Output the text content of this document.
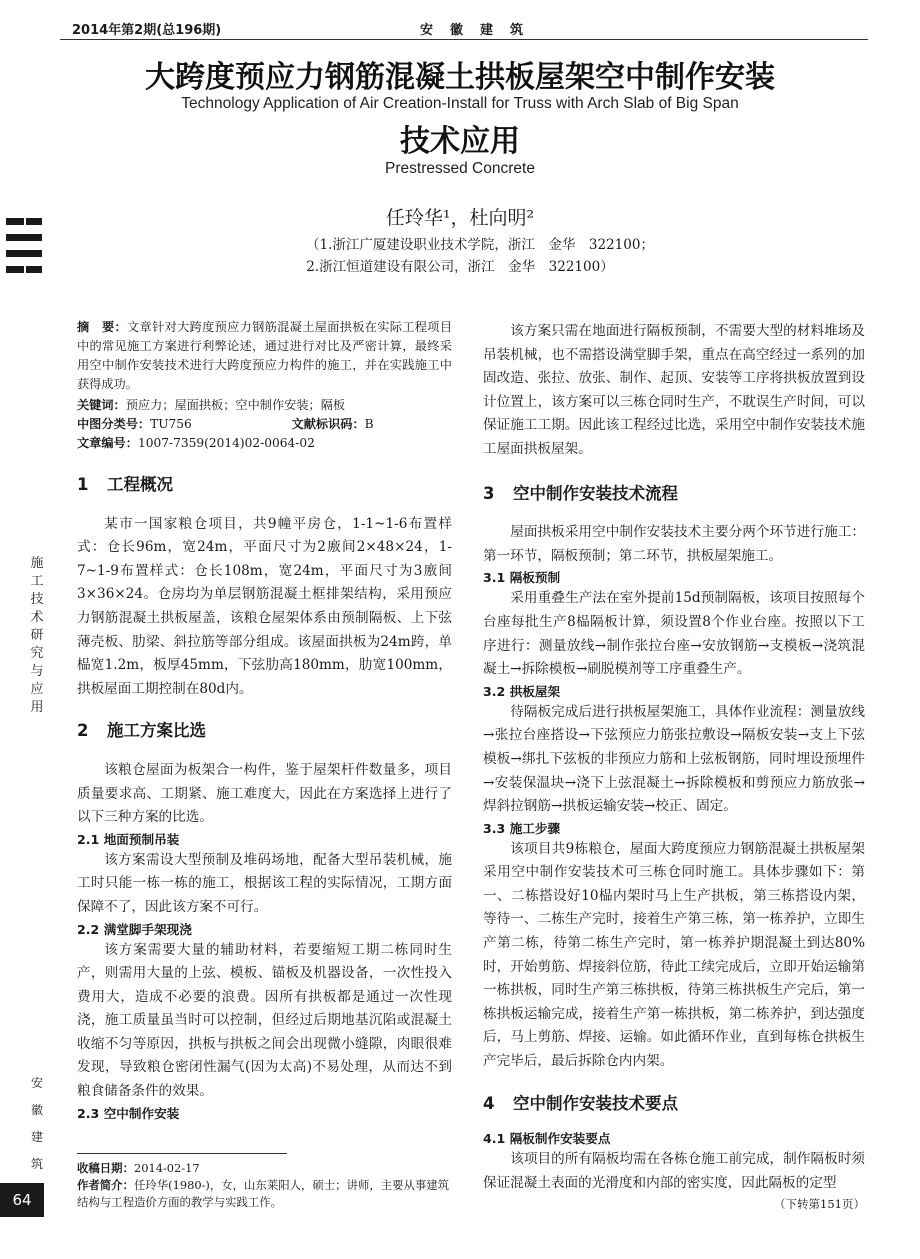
2014年第2期(总196期)	安　徽　建　筑
大跨度预应力钢筋混凝土拱板屋架空中制作安装
Technology Application of Air Creation-Install for Truss with Arch Slab of Big Span
技术应用
Prestressed Concrete
任玲华¹，杜向明²
（1.浙江广厦建设职业技术学院，浙江　金华　322100；
2.浙江恒道建设有限公司，浙江　金华　322100）
施
工
技
术
研
究
与
应
用
安
徽
建
筑
64
摘　要：文章针对大跨度预应力钢筋混凝土屋面拱板在实际工程项目中的常见施工方案进行利弊论述，通过进行对比及严密计算，最终采用空中制作安装技术进行大跨度预应力构件的施工，并在实践施工中获得成功。
关键词：预应力；屋面拱板；空中制作安装；隔板
中图分类号：TU756	文献标识码：B
文章编号：1007-7359(2014)02-0064-02
1 工程概况

某市一国家粮仓项目，共9幢平房仓，1-1~1-6布置样式：仓长96m，宽24m，平面尺寸为2廒间2×48×24，1-7~1-9布置样式：仓长108m，宽24m，平面尺寸为3廒间3×36×24。仓房均为单层钢筋混凝土框排架结构，采用预应力钢筋混凝土拱板屋盖，该粮仓屋架体系由预制隔板、上下弦薄壳板、肋梁、斜拉筋等部分组成。该屋面拱板为24m跨，单榀宽1.2m，板厚45mm，下弦肋高180mm，肋宽100mm，拱板屋面工期控制在80d内。

2 施工方案比选

该粮仓屋面为板架合一构件，鉴于屋架杆件数量多，项目质量要求高、工期紧、施工难度大，因此在方案选择上进行了以下三种方案的比选。

2.1 地面预制吊装

该方案需设大型预制及堆码场地，配备大型吊装机械，施工时只能一栋一栋的施工，根据该工程的实际情况，工期方面保障不了，因此该方案不可行。

2.2 满堂脚手架现浇

该方案需要大量的辅助材料，若要缩短工期二栋同时生产，则需用大量的上弦、模板、锚板及机器设备，一次性投入费用大，造成不必要的浪费。因所有拱板都是通过一次性现浇，施工质量虽当时可以控制，但经过后期地基沉陷或混凝土收缩不匀等原因，拱板与拱板之间会出现微小缝隙，肉眼很难发现，导致粮仓密闭性漏气(因为太高)不易处理，从而达不到粮食储备条件的效果。

2.3 空中制作安装
收稿日期：2014-02-17
作者简介：任玲华(1980-)，女，山东莱阳人，硕士；讲师，主要从事建筑结构与工程造价方面的教学与实践工作。

该方案只需在地面进行隔板预制，不需要大型的材料堆场及吊装机械，也不需搭设满堂脚手架，重点在高空经过一系列的加固改造、张拉、放张、制作、起顶、安装等工序将拱板放置到设计位置上，该方案可以三栋仓同时生产，不耽误生产时间，可以保证施工工期。因此该工程经过比选，采用空中制作安装技术施工屋面拱板屋架。

3 空中制作安装技术流程

屋面拱板采用空中制作安装技术主要分两个环节进行施工：第一环节，隔板预制；第二环节，拱板屋架施工。

3.1 隔板预制

采用重叠生产法在室外提前15d预制隔板，该项目按照每个台座每批生产8榀隔板计算，须设置8个作业台座。按照以下工序进行：测量放线→制作张拉台座→安放钢筋→支模板→浇筑混凝土→拆除模板→刷脱模剂等工序重叠生产。

3.2 拱板屋架

待隔板完成后进行拱板屋架施工，具体作业流程：测量放线→张拉台座搭设→下弦预应力筋张拉敷设→隔板安装→支上下弦模板→绑扎下弦板的非预应力筋和上弦板钢筋，同时埋设预埋件→安装保温块→浇下上弦混凝土→拆除模板和剪预应力筋放张→焊斜拉钢筋→拱板运输安装→校正、固定。

3.3 施工步骤

该项目共9栋粮仓，屋面大跨度预应力钢筋混凝土拱板屋架采用空中制作安装技术可三栋仓同时施工。具体步骤如下：第一、二栋搭设好10榀内架时马上生产拱板，第三栋搭设内架，等待一、二栋生产完时，接着生产第三栋，第一栋养护，立即生产第二栋，待第二栋生产完时，第一栋养护期混凝土到达80%时，开始剪筋、焊接斜位筋，待此工续完成后，立即开始运输第一栋拱板，同时生产第三栋拱板，待第三栋拱板生产完后，第一栋拱板运输完成，接着生产第一栋拱板，第二栋养护，到达强度后，马上剪筋、焊接、运输。如此循环作业，直到每栋仓拱板生产完毕后，最后拆除仓内内架。

4 空中制作安装技术要点
4.1 隔板制作安装要点

该项目的所有隔板均需在各栋仓施工前完成，制作隔板时须保证混凝土表面的光滑度和内部的密实度，因此隔板的定型

（下转第151页）
